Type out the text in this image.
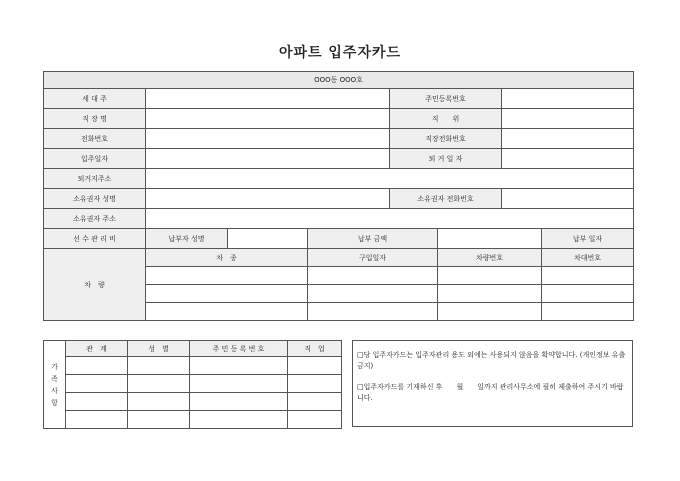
아파트 입주자카드
OOO동 OOO호							
세 대 주				주민등록번호			
직 장 명				직　　위			
전화번호				직장전화번호			
입주일자				퇴 거 일 자			
퇴거지주소							
소유권자 성명				소유권자 전화번호			
소유권자 주소							
선 수 관 리 비	납부자 성명		납부 금액				납부 일자
차　량	차　종		구입일자		차량번호		차대번호

가족사항	관　계	성　별	주 민 등 록 번 호	직　업

□당 입주자카드는 입주자관리 용도 외에는 사용되지 않음을 확약합니다. (개인정보 유출금지)
□입주자카드를 기재하신 후　　월　　일까지 관리사무소에 필히 제출하여 주시기 바랍니다.
